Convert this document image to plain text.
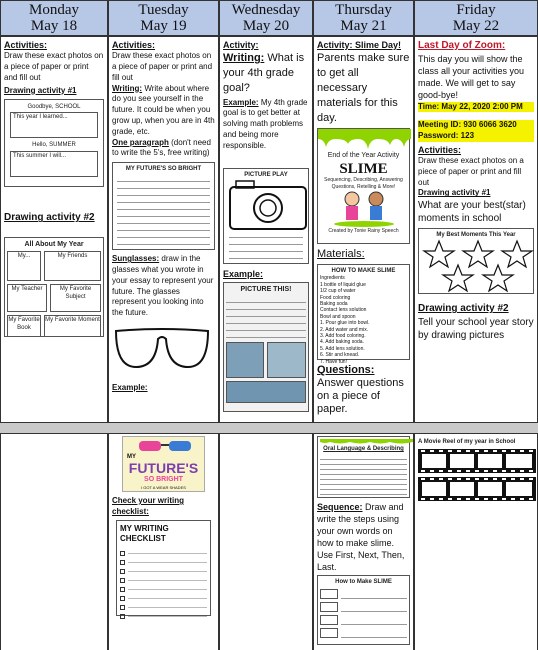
Monday
May 18
Tuesday
May 19
Wednesday
May 20
Thursday
May 21
Friday
May 22
Activities:
Draw these exact photos on a piece of paper or print and fill out
Drawing activity #1
Goodbye, SCHOOL
This year I learned...
Hello, SUMMER
This summer I will...
Drawing activity #2
All About My Year
My...	My Friends
My Teacher	My Favorite Subject
My Favorite Book
My Favorite Moment
Activities:
Draw these exact photos on a piece of paper or print and fill out
Writing: Write about where do you see yourself in the future. It could be when you grow up, when you are in 4th grade, etc.
One paragraph (don't need to write the 5's, free writing)
MY FUTURE'S SO BRIGHT
Sunglasses: draw in the glasses what you wrote in your essay to represent your future. The glasses represent you looking into the future.
Example:
Activity:
Writing: What is your 4th grade goal?
Example: My 4th grade goal is to get better at solving math problems and being more responsible.
PICTURE PLAY
Example:
PICTURE THIS!
Activity: Slime Day!
Parents make sure to get all necessary materials for this day.
End of the Year Activity
SLIME
Sequencing, Describing, Answering Questions, Retelling & More!
Created by Tonie Rainy Speech
Materials:
HOW TO MAKE SLIME
Ingredients
1 bottle of liquid glue
1/2 cup of water
Food coloring
Baking soda
Contact lens solution
Bowl and spoon
1. Pour glue into bowl.
2. Add water and mix.
3. Add food coloring.
4. Add baking soda.
5. Add lens solution.
6. Stir and knead.
7. Have fun!
Questions: Answer questions on a piece of paper.
Last Day of Zoom:
This day you will show the class all your activities you made. We will get to say good-bye!
Time: May 22, 2020 2:00 PM
Meeting ID: 930 6066 3620
Password: 123
Activities:
Draw these exact photos on a piece of paper or print and fill out
Drawing activity #1
What are your best(star) moments in school
My Best Moments This Year
Drawing activity #2
Tell your school year story by drawing pictures
MY
FUTURE'S
SO BRIGHT
I GOT A WEAR SHADES
Check your writing checklist:
MY WRITING CHECKLIST
Oral Language & Describing
Sequence: Draw and write the steps using your own words on how to make slime. Use First, Next, Then, Last.
How to Make SLIME
A Movie Reel of my year in School
